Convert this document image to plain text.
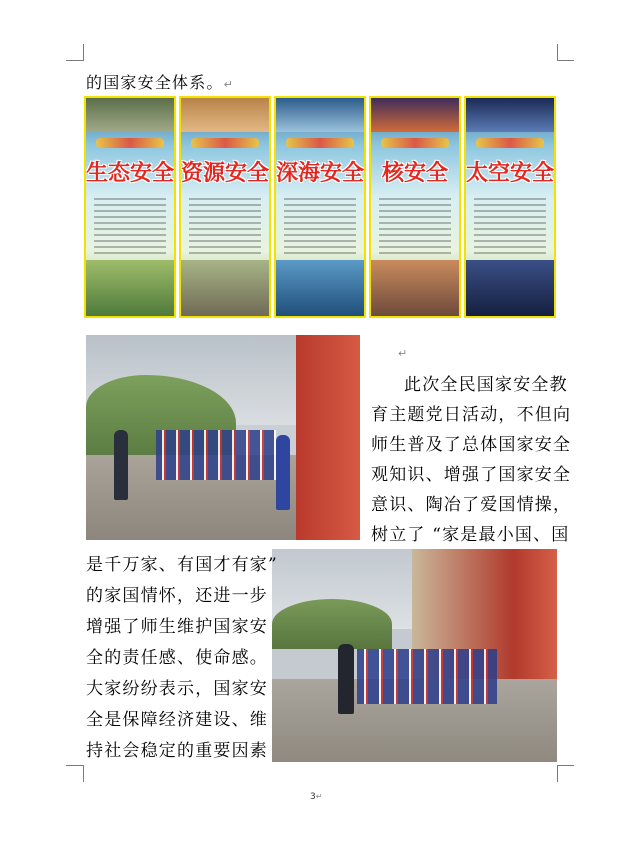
的国家安全体系。↵
生态安全 资源安全 深海安全 核安全 太空安全
↵
此次全民国家安全教
育主题党日活动，不但向
师生普及了总体国家安全
观知识、增强了国家安全
意识、陶冶了爱国情操，
树立了 “家是最小国、国
是千万家、有国才有家”
的家国情怀，还进一步
增强了师生维护国家安
全的责任感、使命感。
大家纷纷表示，国家安
全是保障经济建设、维
持社会稳定的重要因素
3↵
